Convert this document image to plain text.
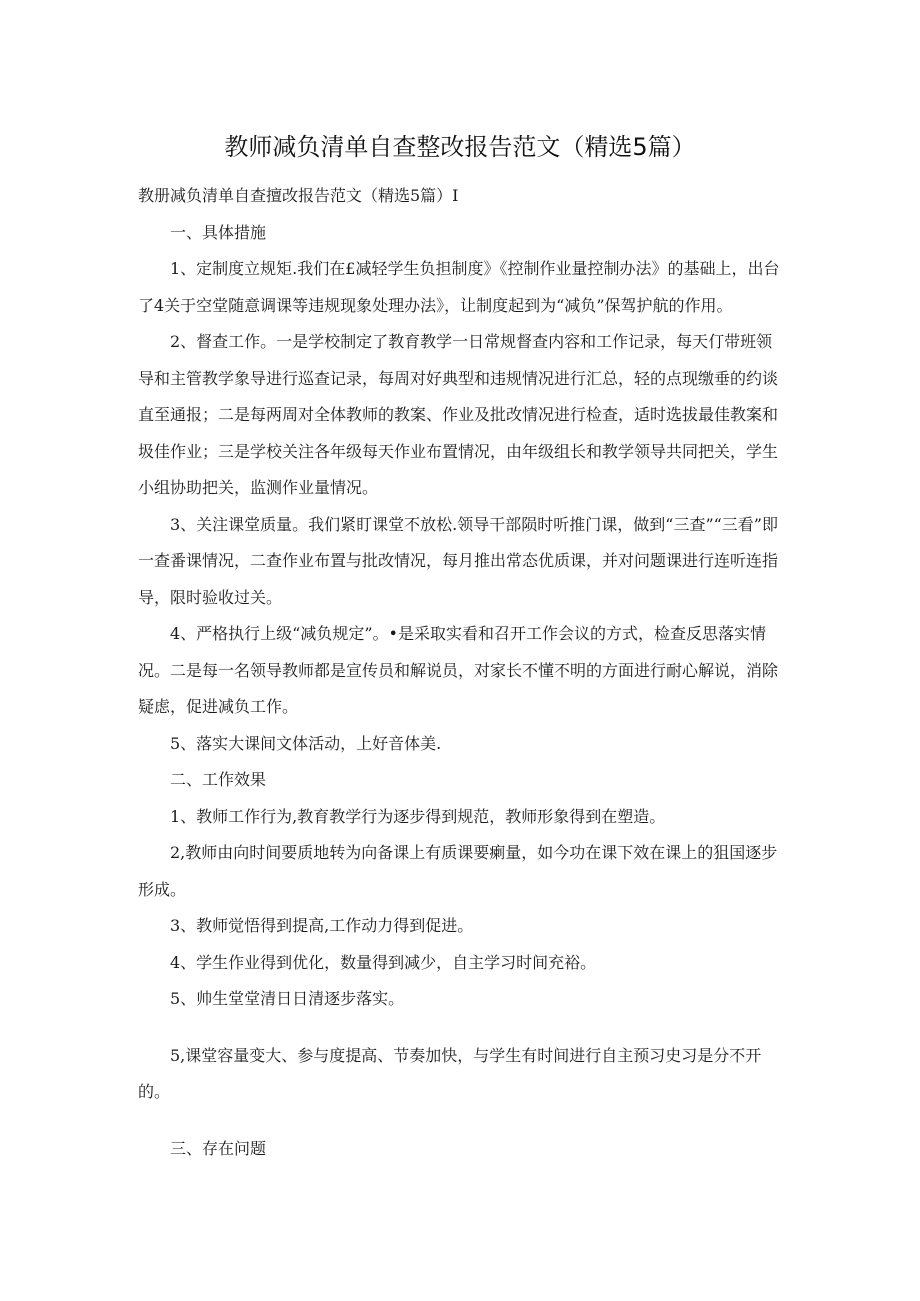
教师减负清单自查整改报告范文（精选5篇）

教册减负清单自查擅改报告范文（精选5篇）I

一、具体措施

1、定制度立规矩.我们在£减轻学生负担制度》《控制作业量控制办法》的基础上，出台了4关于空堂随意调课等违规现象处理办法》，让制度起到为“减负”保驾护航的作用。

2、督查工作。一是学校制定了教育教学一日常规督查内容和工作记录，每天仃带班领导和主管教学象导进行巡查记录，每周对好典型和违规情况进行汇总，轻的点现缴垂的约谈直至通报；二是每两周对全体教师的教案、作业及批改情况进行检查，适时选拔最佳教案和圾佳作业；三是学校关注各年级每天作业布置情况，由年级组长和教学领导共同把关，学生小组协助把关，监测作业量情况。

3、关注课堂质量。我们紧盯课堂不放松.领导干部陨时听推门课，做到“三查”“三看”即一查番课情况，二查作业布置与批改情况，每月推出常态优质课，并对问题课进行连听连指导，限时验收过关。

4、严格执行上级“减负规定”。•是采取实看和召开工作会议的方式，检查反思落实情况。二是每一名领导教师都是宣传员和解说员，对家长不懂不明的方面进行耐心解说，消除疑虑，促进减负工作。

5、落实大课间文体活动，上好音体美.

二、工作效果

1、教师工作行为,教育教学行为逐步得到规范，教师形象得到在塑造。

2,教师由向时间要质地转为向备课上有质课要瘌量，如今功在课下效在课上的狙国逐步形成。

3、教师觉悟得到提高,工作动力得到促进。

4、学生作业得到优化，数量得到减少，自主学习时间充裕。

5、帅生堂堂清日日清逐步落实。

5,课堂容量变大、参与度提高、节奏加快，与学生有时间进行自主预习史习是分不开的。

三、存在问题
